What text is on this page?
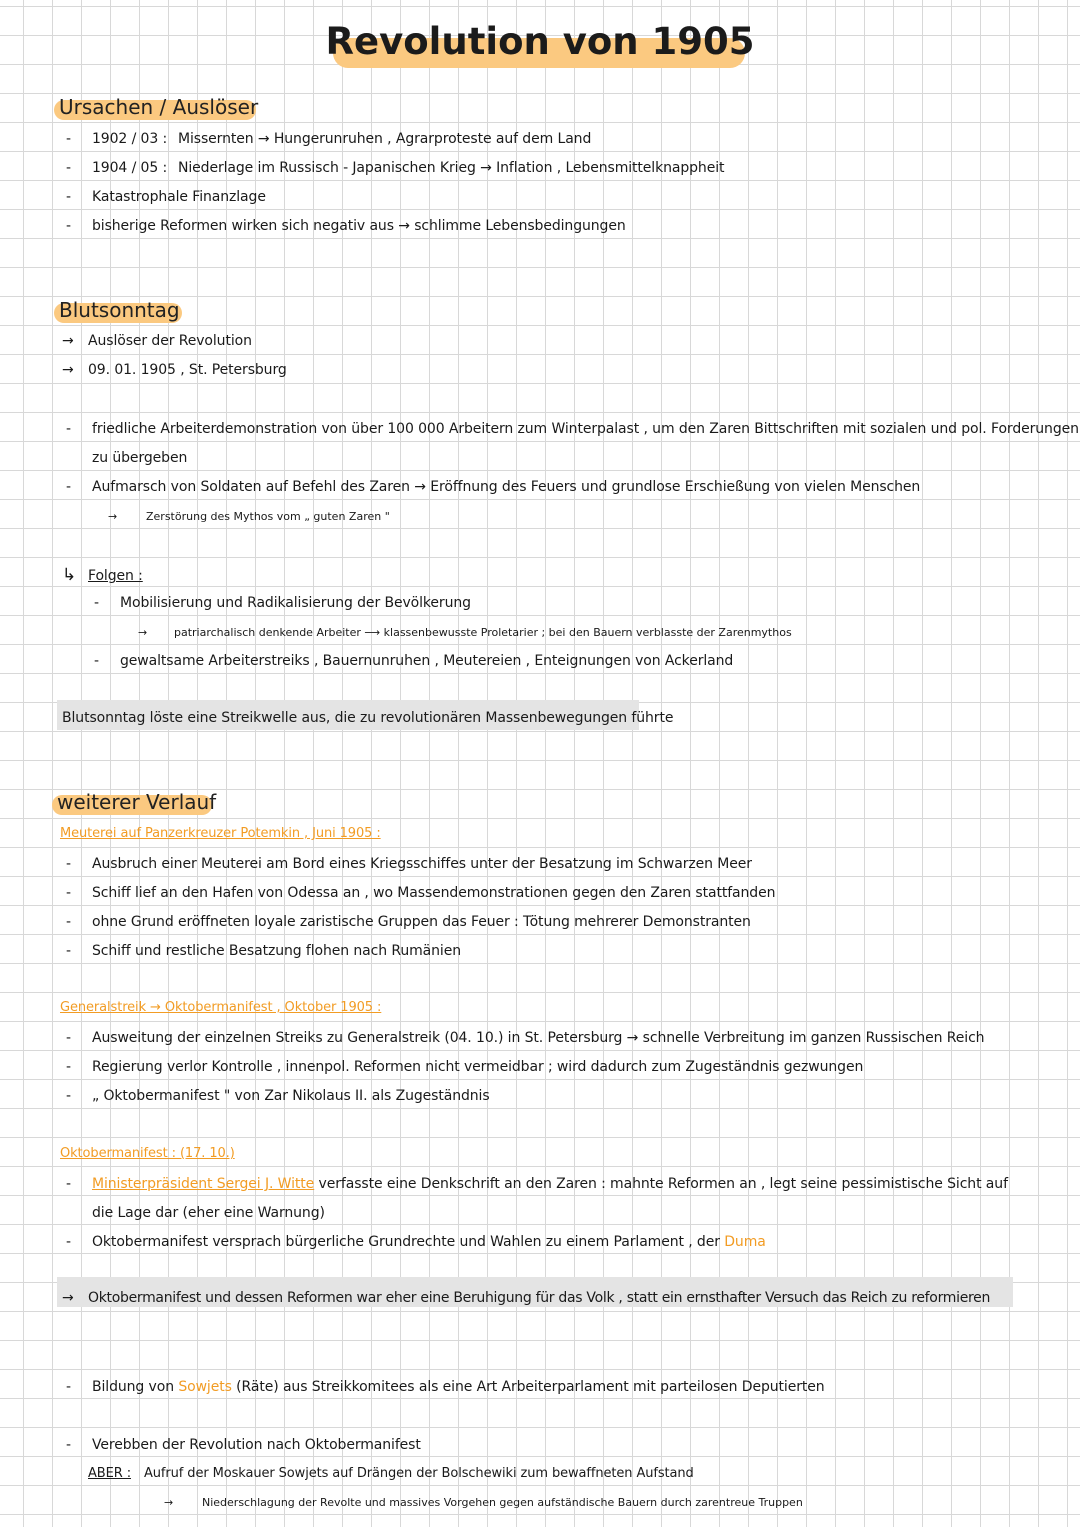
Revolution von 1905
Ursachen / Auslöser
- 1902 / 03 : Missernten → Hungerunruhen , Agrarproteste auf dem Land
- 1904 / 05 : Niederlage im Russisch - Japanischen Krieg → Inflation , Lebensmittelknappheit
- Katastrophale Finanzlage
- bisherige Reformen wirken sich negativ aus → schlimme Lebensbedingungen
Blutsonntag
→ Auslöser der Revolution
→ 09. 01. 1905 , St. Petersburg
- friedliche Arbeiterdemonstration von über 100 000 Arbeitern zum Winterpalast , um den Zaren Bittschriften mit sozialen und pol. Forderungen
zu übergeben
- Aufmarsch von Soldaten auf Befehl des Zaren → Eröffnung des Feuers und grundlose Erschießung von vielen Menschen
→	Zerstörung des Mythos vom „ guten Zaren "
↳ Folgen :
- Mobilisierung und Radikalisierung der Bevölkerung
→ patriarchalisch denkende Arbeiter ⟶ klassenbewusste Proletarier ; bei den Bauern verblasste der Zarenmythos
- gewaltsame Arbeiterstreiks , Bauernunruhen , Meutereien , Enteignungen von Ackerland
Blutsonntag löste eine Streikwelle aus, die zu revolutionären Massenbewegungen führte
weiterer Verlauf
Meuterei auf Panzerkreuzer Potemkin , Juni 1905 :
- Ausbruch einer Meuterei am Bord eines Kriegsschiffes unter der Besatzung im Schwarzen Meer
- Schiff lief an den Hafen von Odessa an , wo Massendemonstrationen gegen den Zaren stattfanden
- ohne Grund eröffneten loyale zaristische Gruppen das Feuer : Tötung mehrerer Demonstranten
- Schiff und restliche Besatzung flohen nach Rumänien
Generalstreik → Oktobermanifest , Oktober 1905 :
- Ausweitung der einzelnen Streiks zu Generalstreik (04. 10.) in St. Petersburg → schnelle Verbreitung im ganzen Russischen Reich
- Regierung verlor Kontrolle , innenpol. Reformen nicht vermeidbar ; wird dadurch zum Zugeständnis gezwungen
- „ Oktobermanifest " von Zar Nikolaus II. als Zugeständnis
Oktobermanifest : (17. 10.)
- Ministerpräsident Sergei J. Witte verfasste eine Denkschrift an den Zaren : mahnte Reformen an , legt seine pessimistische Sicht auf
die Lage dar (eher eine Warnung)
- Oktobermanifest versprach bürgerliche Grundrechte und Wahlen zu einem Parlament , der Duma
→ Oktobermanifest und dessen Reformen war eher eine Beruhigung für das Volk , statt ein ernsthafter Versuch das Reich zu reformieren
- Bildung von Sowjets (Räte) aus Streikkomitees als eine Art Arbeiterparlament mit parteilosen Deputierten
- Verebben der Revolution nach Oktobermanifest
ABER : Aufruf der Moskauer Sowjets auf Drängen der Bolschewiki zum bewaffneten Aufstand
→	Niederschlagung der Revolte und massives Vorgehen gegen aufständische Bauern durch zarentreue Truppen
